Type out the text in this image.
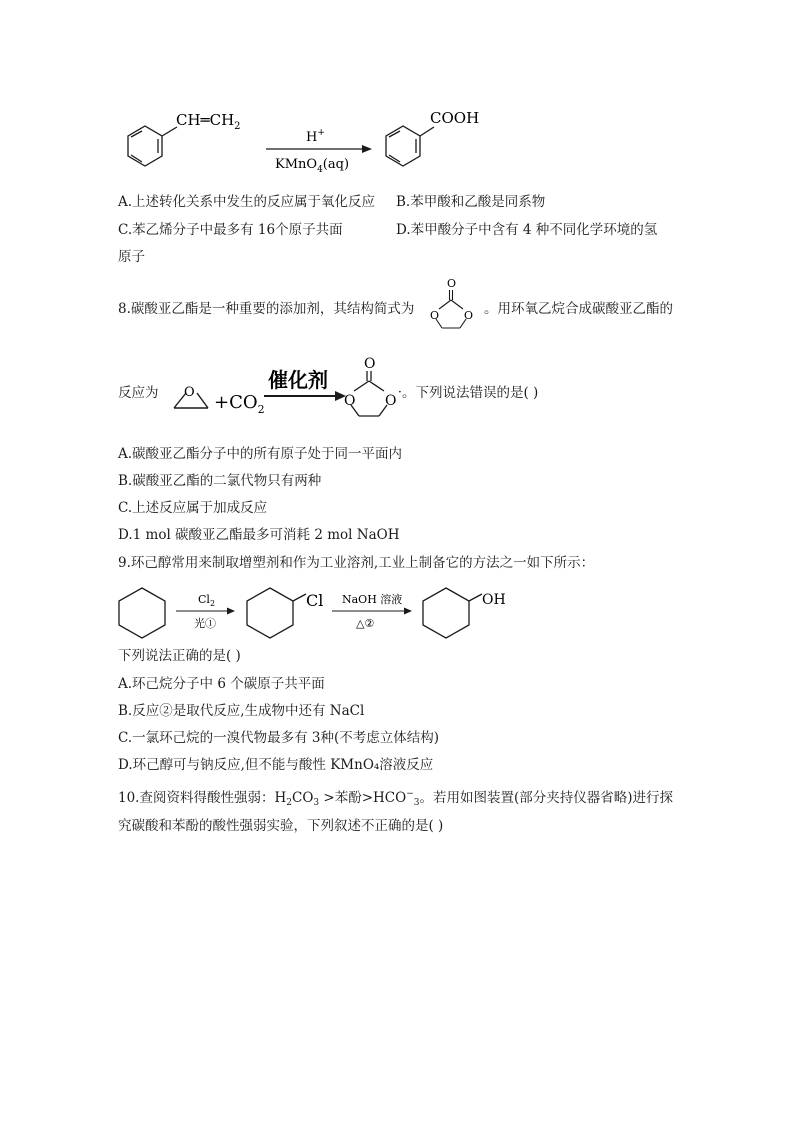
$CH═CH_2$
H+
KMnO$_4$(aq)
COOH
A.上述转化关系中发生的反应属于氧化反应 B.苯甲酸和乙酸是同系物
C.苯乙烯分子中最多有 16个原子共面	D.苯甲酸分子中含有 4 种不同化学环境的氢
原子
8.碳酸亚乙酯是一种重要的添加剂，其结构简式为
O
O O 。用环氧乙烷合成碳酸亚乙酯的
反应为 $O +CO_2$
催化剂
O
O O
· 。下列说法错误的是( )
A.碳酸亚乙酯分子中的所有原子处于同一平面内
B.碳酸亚乙酯的二氯代物只有两种
C.上述反应属于加成反应
D.1 mol 碳酸亚乙酯最多可消耗 2 mol NaOH
9.环己醇常用来制取增塑剂和作为工业溶剂,工业上制备它的方法之一如下所示：
$Cl_2$
光①
Cl NaOH 溶液
△②
OH
下列说法正确的是( )
A.环己烷分子中 6 个碳原子共平面
B.反应②是取代反应,生成物中还有 NaCl
C.一氯环己烷的一溴代物最多有 3种(不考虑立体结构)
D.环己醇可与钠反应,但不能与酸性 KMnO₄溶液反应
10.查阅资料得酸性强弱：$H_2CO_3$ >苯酚$>HCO^-_3$。若用如图装置(部分夹持仪器省略)进行探
究碳酸和苯酚的酸性强弱实验，下列叙述不正确的是( )
